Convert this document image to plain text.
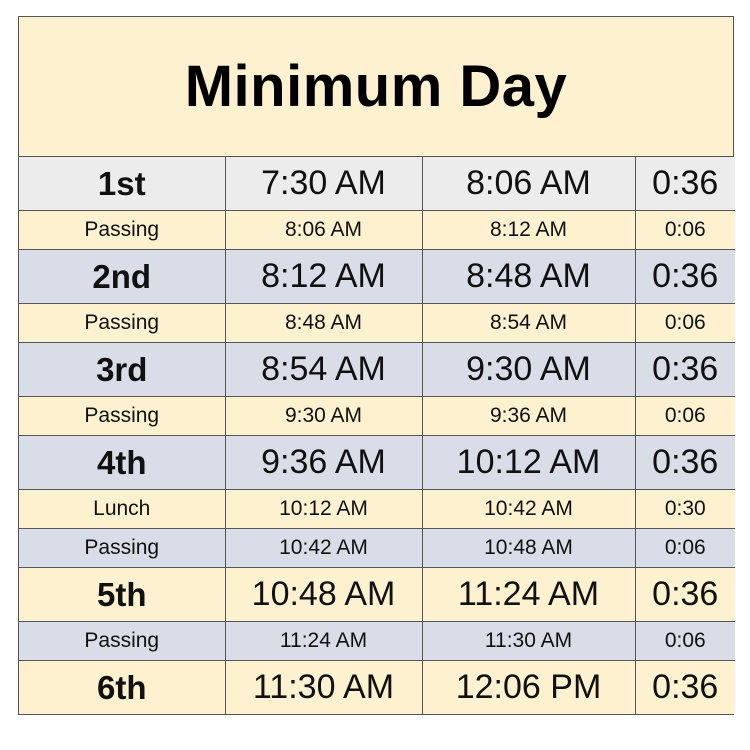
Minimum Day
1st	7:30 AM	8:06 AM	0:36
Passing	8:06 AM	8:12 AM	0:06
2nd	8:12 AM	8:48 AM	0:36
Passing	8:48 AM	8:54 AM	0:06
3rd	8:54 AM	9:30 AM	0:36
Passing	9:30 AM	9:36 AM	0:06
4th	9:36 AM	10:12 AM	0:36
Lunch	10:12 AM	10:42 AM	0:30
Passing	10:42 AM	10:48 AM	0:06
5th	10:48 AM	11:24 AM	0:36
Passing	11:24 AM	11:30 AM	0:06
6th	11:30 AM	12:06 PM	0:36
